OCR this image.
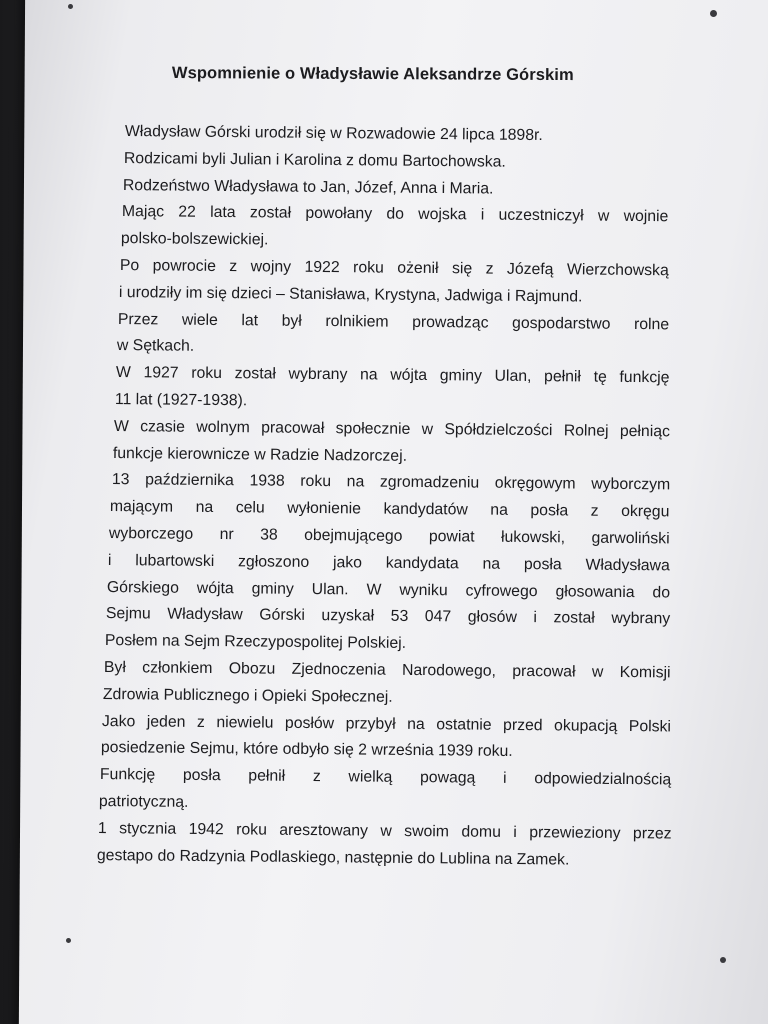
Wspomnienie o Władysławie Aleksandrze Górskim
Władysław Górski urodził się w Rozwadowie 24 lipca 1898r.
Rodzicami byli Julian i Karolina z domu Bartochowska.
Rodzeństwo Władysława to Jan, Józef, Anna i Maria.
Mając 22 lata został powołany do wojska i uczestniczył w wojnie
polsko-bolszewickiej.
Po powrocie z wojny 1922 roku ożenił się z Józefą Wierzchowską
i urodziły im się dzieci – Stanisława, Krystyna, Jadwiga i Rajmund.
Przez wiele lat był rolnikiem prowadząc gospodarstwo rolne
w Sętkach.
W 1927 roku został wybrany na wójta gminy Ulan, pełnił tę funkcję
11 lat (1927-1938).
W czasie wolnym pracował społecznie w Spółdzielczości Rolnej pełniąc
funkcje kierownicze w Radzie Nadzorczej.
13 października 1938 roku na zgromadzeniu okręgowym wyborczym
mającym na celu wyłonienie kandydatów na posła z okręgu
wyborczego nr 38 obejmującego powiat łukowski, garwoliński
i lubartowski zgłoszono jako kandydata na posła Władysława
Górskiego wójta gminy Ulan. W wyniku cyfrowego głosowania do
Sejmu Władysław Górski uzyskał 53 047 głosów i został wybrany
Posłem na Sejm Rzeczypospolitej Polskiej.
Był członkiem Obozu Zjednoczenia Narodowego, pracował w Komisji
Zdrowia Publicznego i Opieki Społecznej.
Jako jeden z niewielu posłów przybył na ostatnie przed okupacją Polski
posiedzenie Sejmu, które odbyło się 2 września 1939 roku.
Funkcję posła pełnił z wielką powagą i odpowiedzialnością
patriotyczną.
1 stycznia 1942 roku aresztowany w swoim domu i przewieziony przez
gestapo do Radzynia Podlaskiego, następnie do Lublina na Zamek.
